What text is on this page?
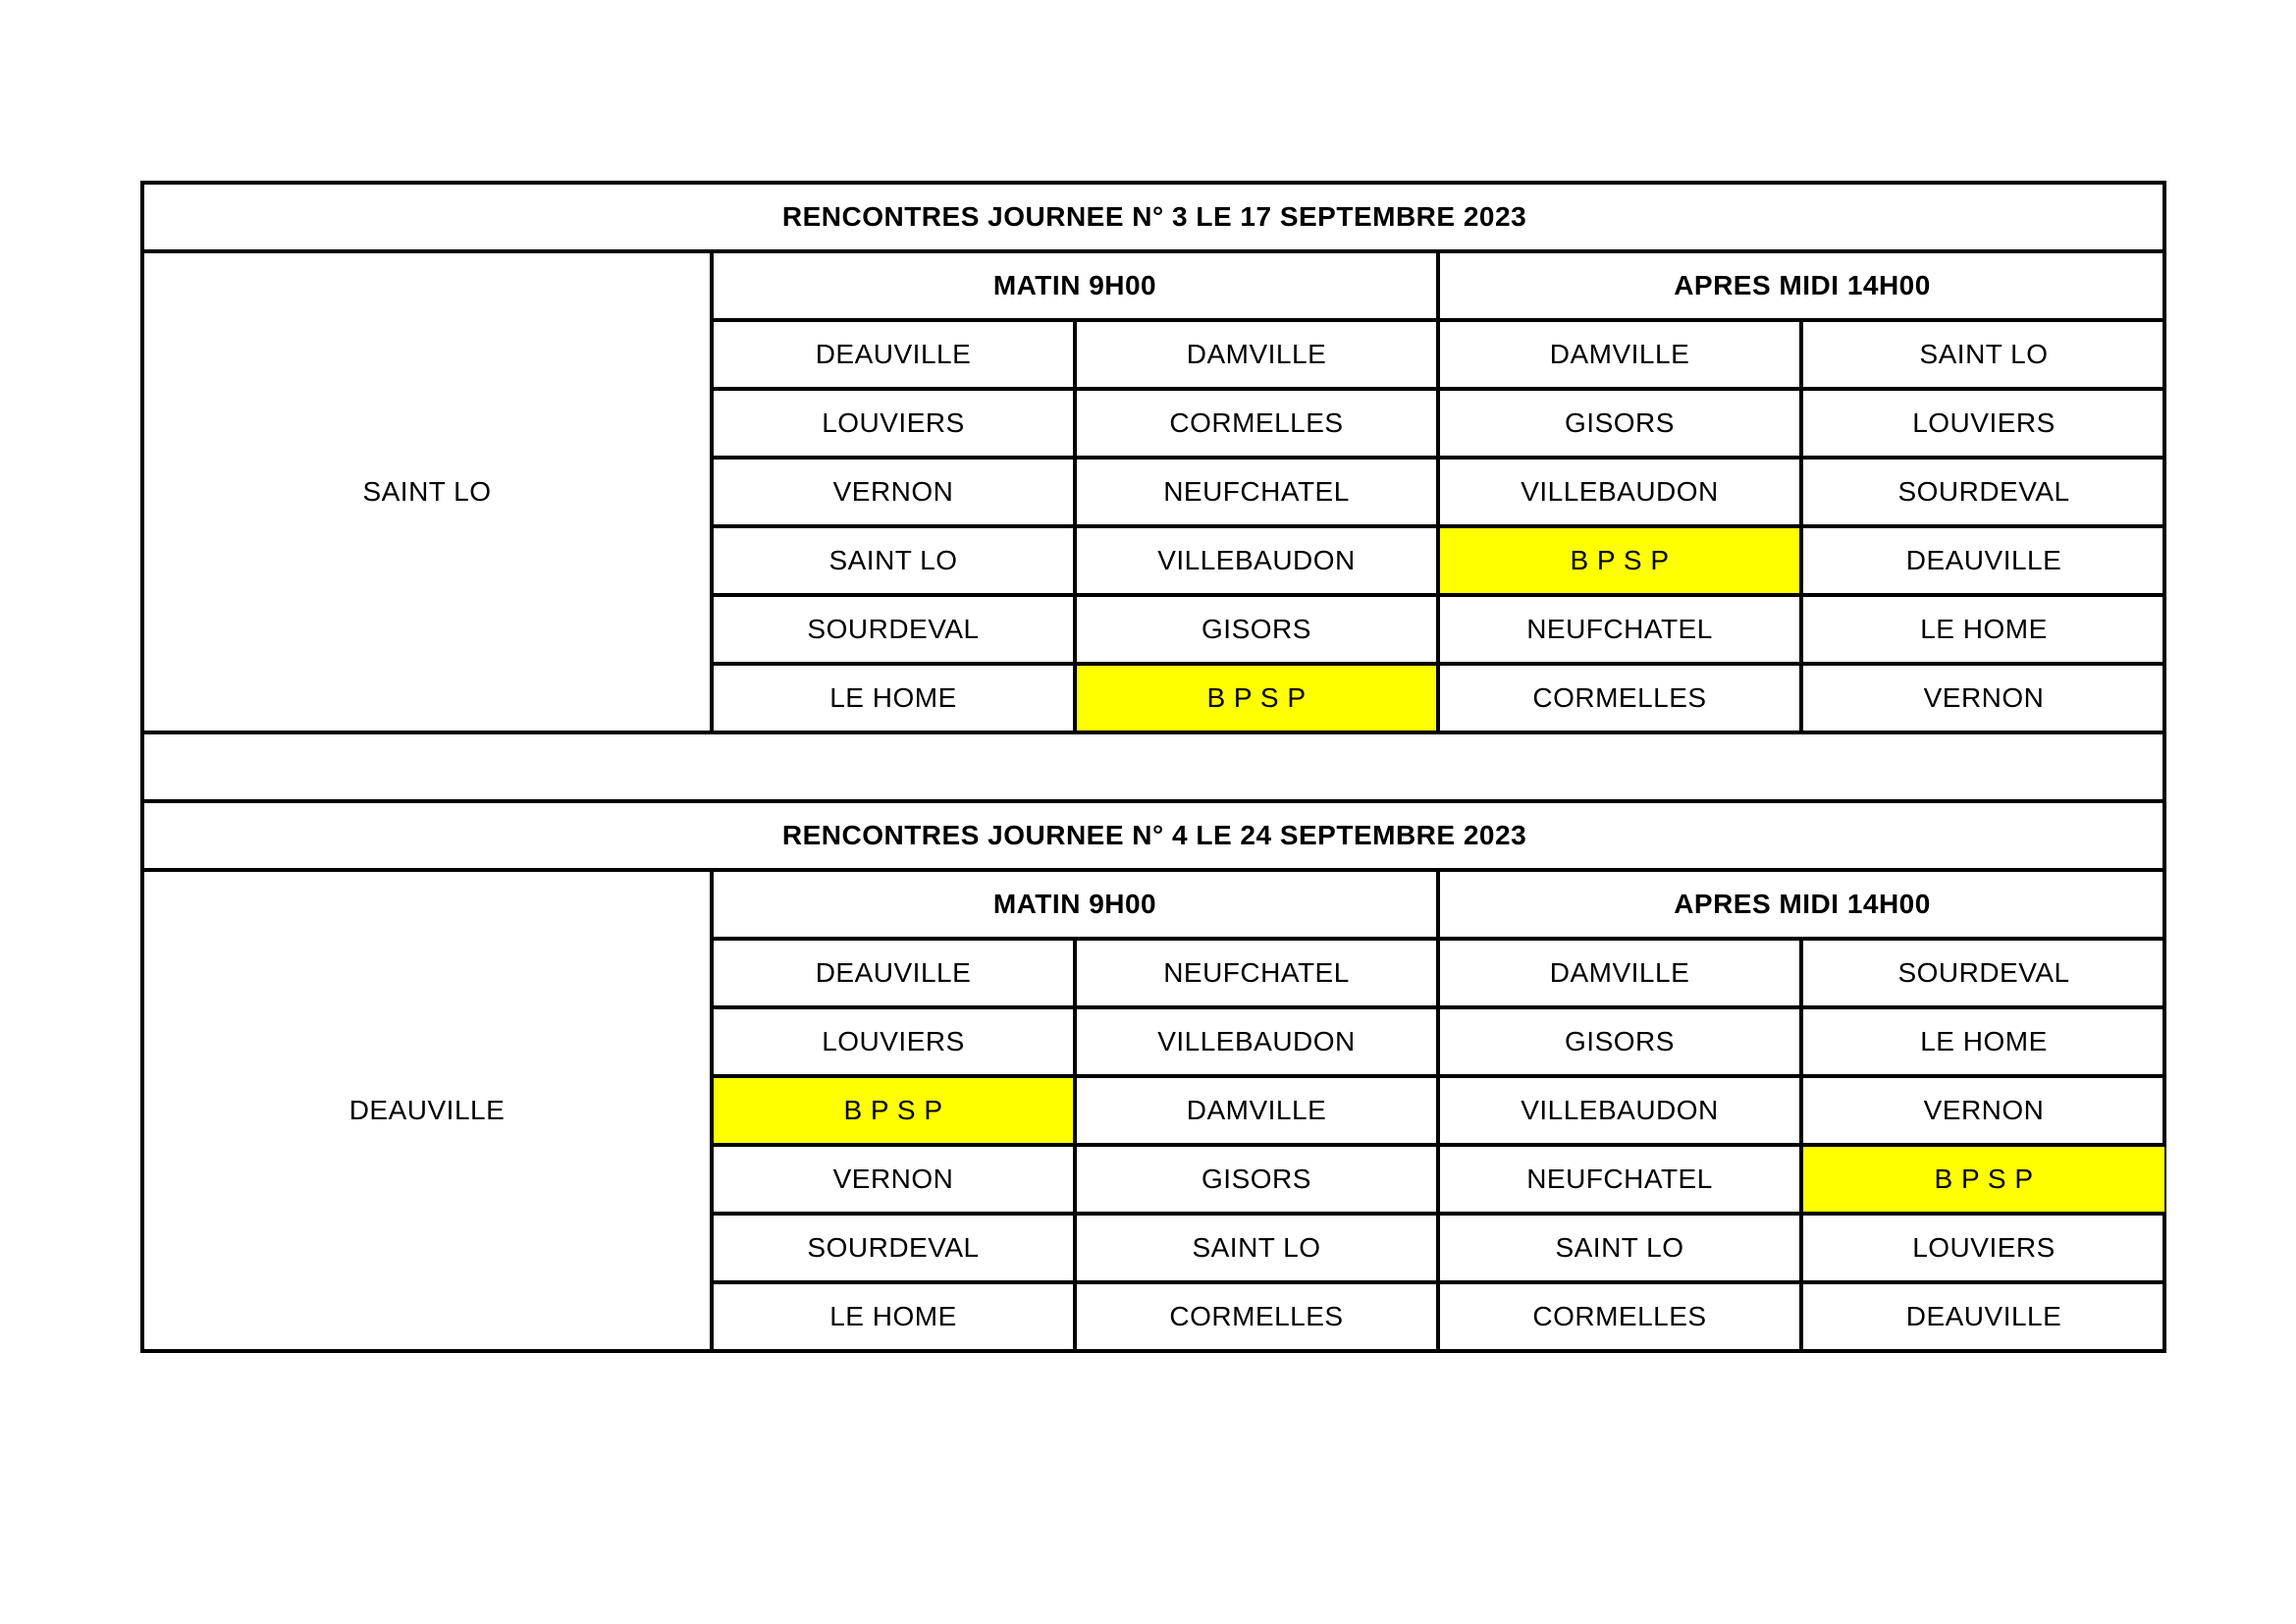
RENCONTRES JOURNEE N° 3 LE 17 SEPTEMBRE 2023				
SAINT LO	MATIN 9H00		APRES MIDI 14H00	
	DEAUVILLE	DAMVILLE	DAMVILLE	SAINT LO
	LOUVIERS	CORMELLES	GISORS	LOUVIERS
	VERNON	NEUFCHATEL	VILLEBAUDON	SOURDEVAL
	SAINT LO	VILLEBAUDON	B P S P	DEAUVILLE
	SOURDEVAL	GISORS	NEUFCHATEL	LE HOME
	LE HOME	B P S P	CORMELLES	VERNON

RENCONTRES JOURNEE N° 4 LE 24 SEPTEMBRE 2023				
DEAUVILLE	MATIN 9H00		APRES MIDI 14H00	
	DEAUVILLE	NEUFCHATEL	DAMVILLE	SOURDEVAL
	LOUVIERS	VILLEBAUDON	GISORS	LE HOME
	B P S P	DAMVILLE	VILLEBAUDON	VERNON
	VERNON	GISORS	NEUFCHATEL	B P S P
	SOURDEVAL	SAINT LO	SAINT LO	LOUVIERS
	LE HOME	CORMELLES	CORMELLES	DEAUVILLE
